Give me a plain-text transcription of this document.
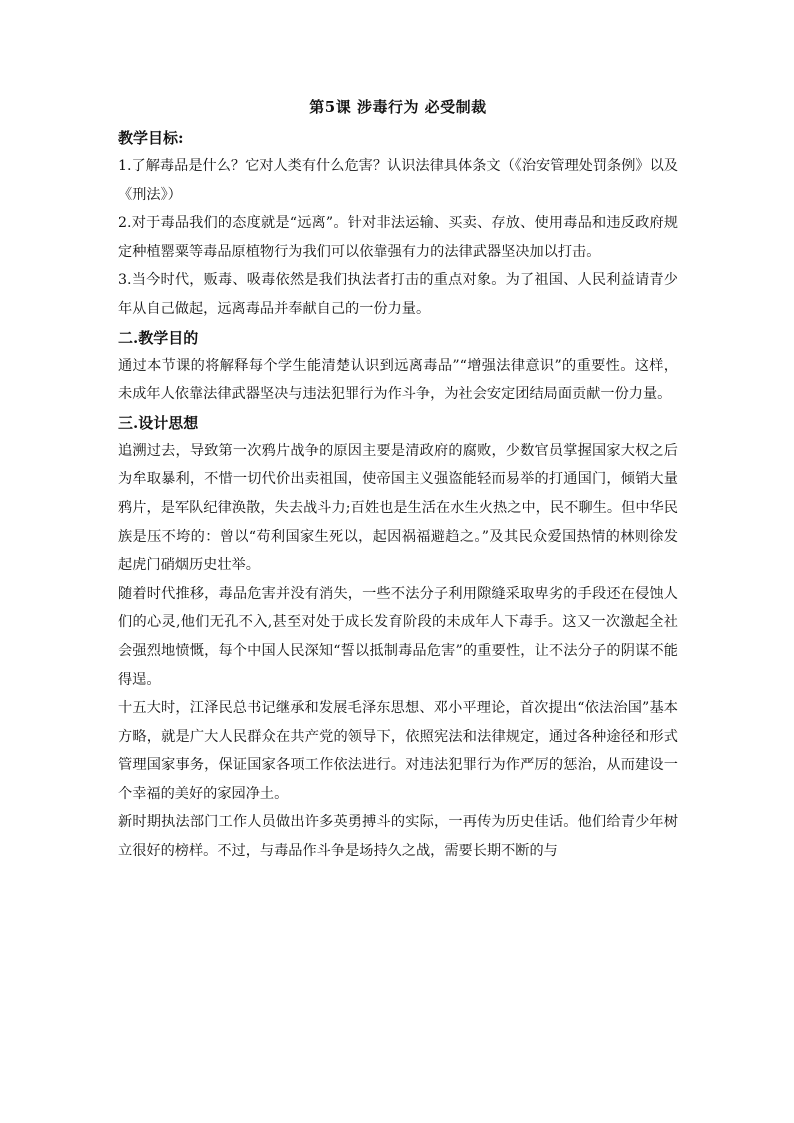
第5课 涉毒行为 必受制裁

教学目标:

1.了解毒品是什么？它对人类有什么危害？认识法律具体条文（《治安管理处罚条例》以及《刑法》）

2.对于毒品我们的态度就是“远离”。针对非法运输、买卖、存放、使用毒品和违反政府规定种植罂粟等毒品原植物行为我们可以依靠强有力的法律武器坚决加以打击。

3.当今时代，贩毒、吸毒依然是我们执法者打击的重点对象。为了祖国、人民利益请青少年从自己做起，远离毒品并奉献自己的一份力量。

二.教学目的

通过本节课的将解释每个学生能清楚认识到远离毒品”“增强法律意识”的重要性。这样，未成年人依靠法律武器坚决与违法犯罪行为作斗争，为社会安定团结局面贡献一份力量。

三.设计思想

追溯过去，导致第一次鸦片战争的原因主要是清政府的腐败，少数官员掌握国家大权之后为牟取暴利，不惜一切代价出卖祖国，使帝国主义强盗能轻而易举的打通国门，倾销大量鸦片，是军队纪律涣散，失去战斗力;百姓也是生活在水生火热之中，民不聊生。但中华民族是压不垮的：曾以“苟利国家生死以，起因祸福避趋之。”及其民众爱国热情的林则徐发起虎门硝烟历史壮举。

随着时代推移，毒品危害并没有消失，一些不法分子利用隙缝采取卑劣的手段还在侵蚀人们的心灵,他们无孔不入,甚至对处于成长发育阶段的未成年人下毒手。这又一次激起全社会强烈地愤慨，每个中国人民深知“誓以抵制毒品危害”的重要性，让不法分子的阴谋不能得逞。

十五大时，江泽民总书记继承和发展毛泽东思想、邓小平理论，首次提出“依法治国”基本方略，就是广大人民群众在共产党的领导下，依照宪法和法律规定，通过各种途径和形式管理国家事务，保证国家各项工作依法进行。对违法犯罪行为作严厉的惩治，从而建设一个幸福的美好的家园净土。

新时期执法部门工作人员做出许多英勇搏斗的实际，一再传为历史佳话。他们给青少年树立很好的榜样。不过，与毒品作斗争是场持久之战，需要长期不断的与
